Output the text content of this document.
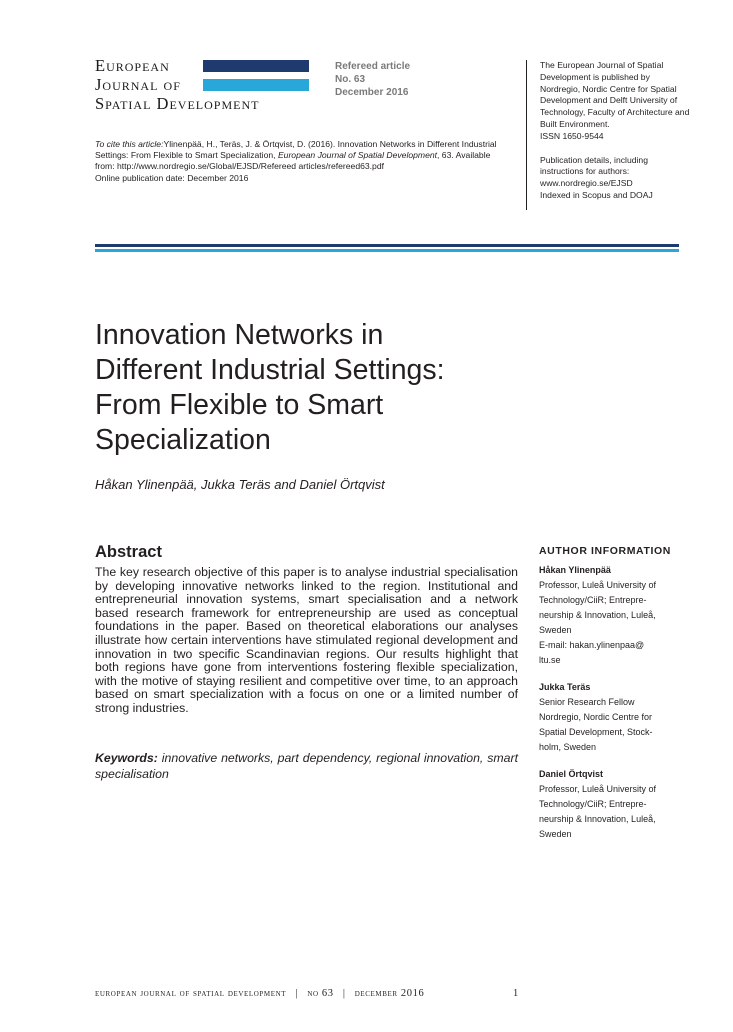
European
Journal of
Spatial Development
Refereed article
No. 63
December 2016
To cite this article:Ylinenpää, H., Teräs, J. & Örtqvist, D. (2016). Innovation Networks in Different Industrial Settings: From Flexible to Smart Specialization, European Journal of Spatial Development, 63. Available from: http://www.nordregio.se/Global/EJSD/Refereed articles/refereed63.pdf
Online publication date: December 2016
The European Journal of Spatial Development is published by Nordregio, Nordic Centre for Spatial Development and Delft University of Technology, Faculty of Architecture and Built Environment.
ISSN 1650-9544
Publication details, including instructions for authors:
www.nordregio.se/EJSD
Indexed in Scopus and DOAJ
Innovation Networks in
Different Industrial Settings:
From Flexible to Smart
Specialization
Håkan Ylinenpää, Jukka Teräs and Daniel Örtqvist
Abstract
The key research objective of this paper is to analyse industrial specialisation by developing innovative networks linked to the region. Institutional and entrepreneurial innovation systems, smart specialisation and a network based research framework for entrepreneurship are used as conceptual foundations in the paper. Based on theoretical elaborations our analyses illustrate how certain interventions have stimulated regional development and innovation in two specific Scandinavian regions. Our results highlight that both regions have gone from interventions fostering flexible specialization, with the motive of staying resilient and competitive over time, to an approach based on smart specialization with a focus on one or a limited number of strong industries.
Keywords: innovative networks, part dependency, regional innovation, smart specialisation
AUTHOR INFORMATION
Håkan Ylinenpää
Professor, Luleå University of
Technology/CiiR; Entrepre-
neurship & Innovation, Luleå,
Sweden
E-mail: hakan.ylinenpaa@
ltu.se
Jukka Teräs
Senior Research Fellow
Nordregio, Nordic Centre for
Spatial Development, Stock-
holm, Sweden
Daniel Örtqvist
Professor, Luleå University of
Technology/CiiR; Entrepre-
neurship & Innovation, Luleå,
Sweden
european journal of spatial development | no 63 | december 2016	1
